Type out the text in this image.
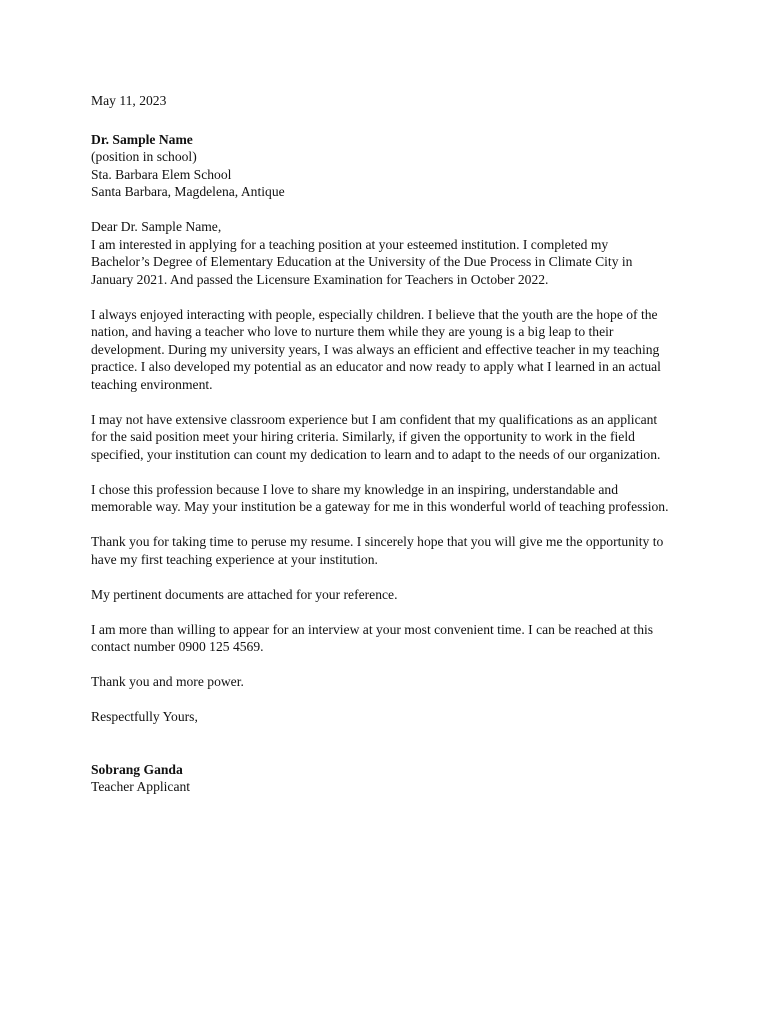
May 11, 2023
Dr. Sample Name
(position in school)
Sta. Barbara Elem School
Santa Barbara, Magdelena, Antique
Dear Dr. Sample Name,
I am interested in applying for a teaching position at your esteemed institution. I completed my
Bachelor’s Degree of Elementary Education at the University of the Due Process in Climate City in
January 2021. And passed the Licensure Examination for Teachers in October 2022.
I always enjoyed interacting with people, especially children. I believe that the youth are the hope of the
nation, and having a teacher who love to nurture them while they are young is a big leap to their
development. During my university years, I was always an efficient and effective teacher in my teaching
practice. I also developed my potential as an educator and now ready to apply what I learned in an actual
teaching environment.
I may not have extensive classroom experience but I am confident that my qualifications as an applicant
for the said position meet your hiring criteria. Similarly, if given the opportunity to work in the field
specified, your institution can count my dedication to learn and to adapt to the needs of our organization.
I chose this profession because I love to share my knowledge in an inspiring, understandable and
memorable way. May your institution be a gateway for me in this wonderful world of teaching profession.
Thank you for taking time to peruse my resume. I sincerely hope that you will give me the opportunity to
have my first teaching experience at your institution.
My pertinent documents are attached for your reference.
I am more than willing to appear for an interview at your most convenient time. I can be reached at this
contact number 0900 125 4569.
Thank you and more power.
Respectfully Yours,
Sobrang Ganda
Teacher Applicant
